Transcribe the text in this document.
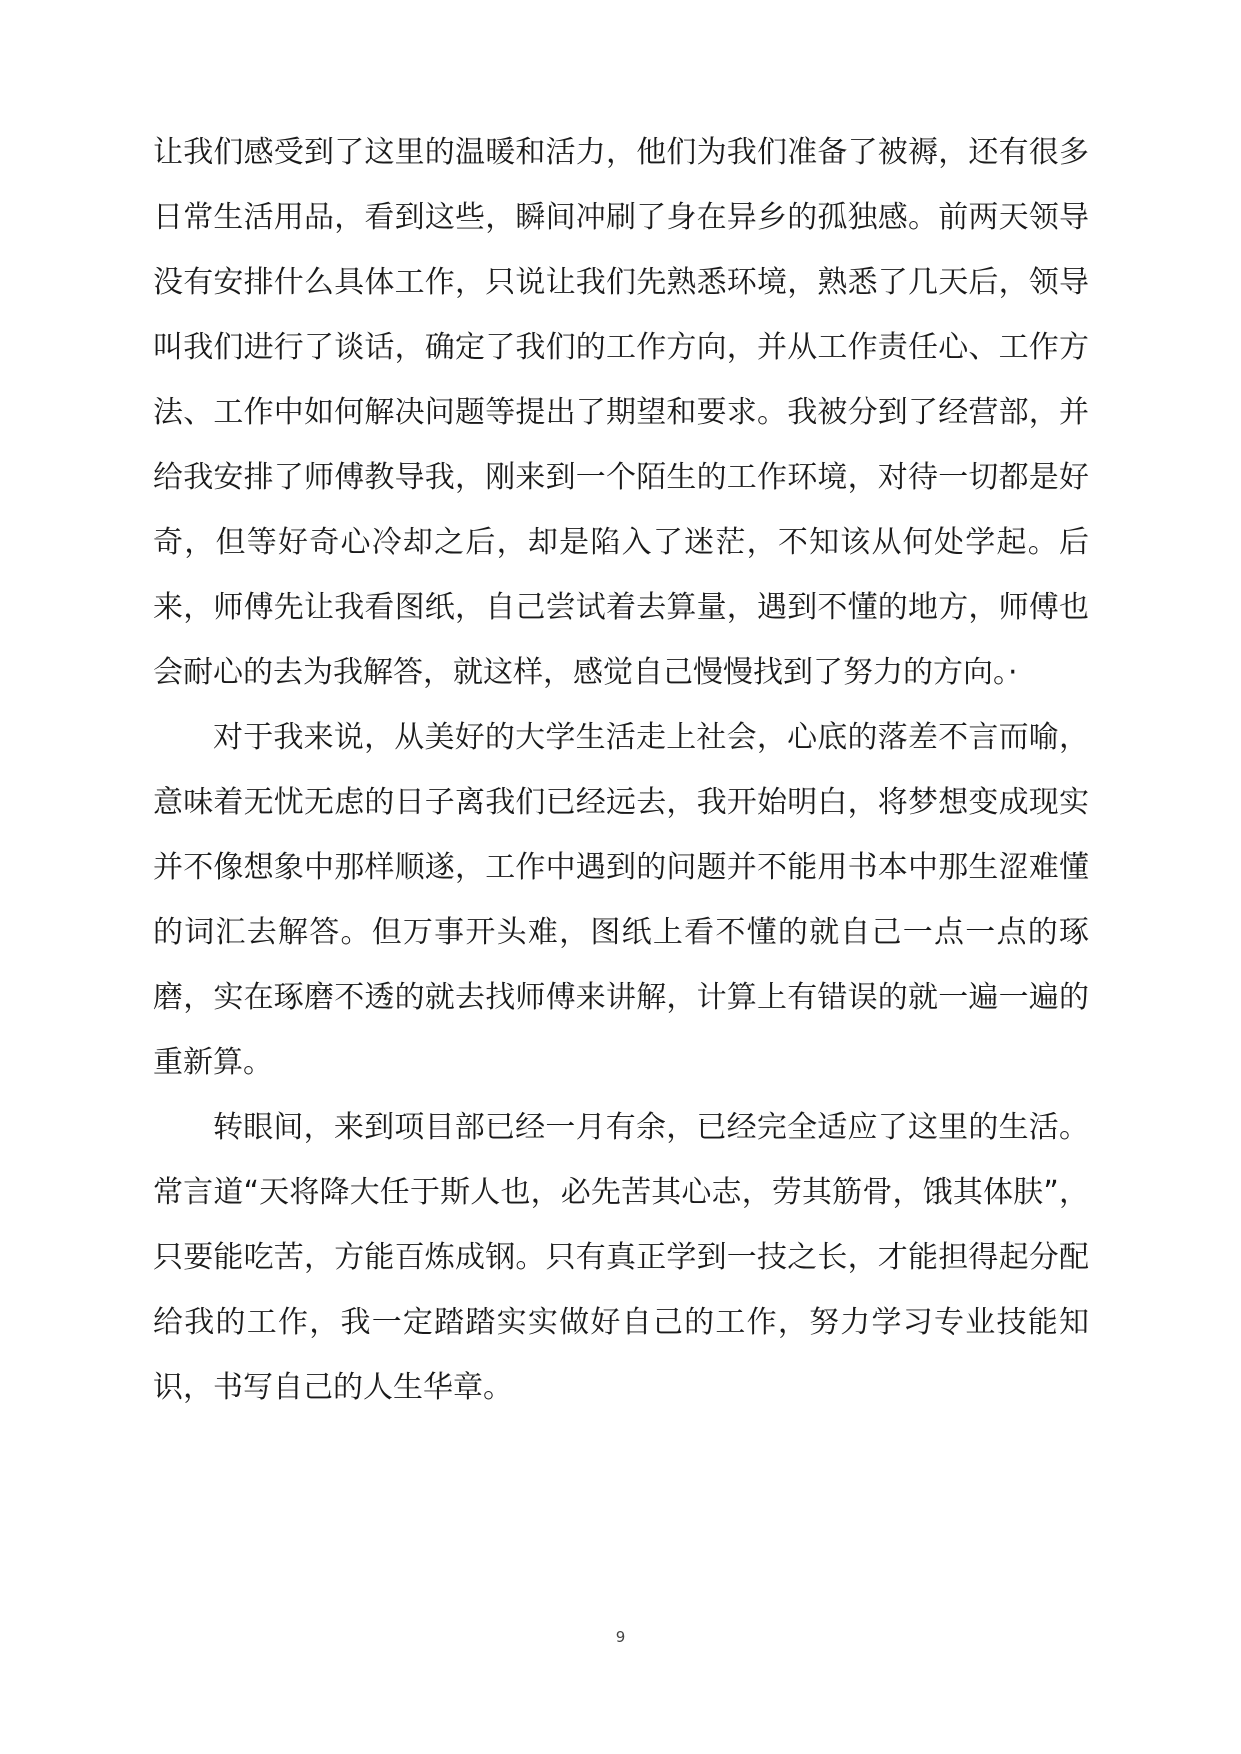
让我们感受到了这里的温暖和活力，他们为我们准备了被褥，还有很多日常生活用品，看到这些，瞬间冲刷了身在异乡的孤独感。前两天领导没有安排什么具体工作，只说让我们先熟悉环境，熟悉了几天后，领导叫我们进行了谈话，确定了我们的工作方向，并从工作责任心、工作方法、工作中如何解决问题等提出了期望和要求。我被分到了经营部，并给我安排了师傅教导我，刚来到一个陌生的工作环境，对待一切都是好奇，但等好奇心冷却之后，却是陷入了迷茫，不知该从何处学起。后来，师傅先让我看图纸，自己尝试着去算量，遇到不懂的地方，师傅也会耐心的去为我解答，就这样，感觉自己慢慢找到了努力的方向。·

对于我来说，从美好的大学生活走上社会，心底的落差不言而喻，意味着无忧无虑的日子离我们已经远去，我开始明白，将梦想变成现实并不像想象中那样顺遂，工作中遇到的问题并不能用书本中那生涩难懂的词汇去解答。但万事开头难，图纸上看不懂的就自己一点一点的琢磨，实在琢磨不透的就去找师傅来讲解，计算上有错误的就一遍一遍的重新算。

转眼间，来到项目部已经一月有余，已经完全适应了这里的生活。常言道“天将降大任于斯人也，必先苦其心志，劳其筋骨，饿其体肤”，只要能吃苦，方能百炼成钢。只有真正学到一技之长，才能担得起分配给我的工作，我一定踏踏实实做好自己的工作，努力学习专业技能知识，书写自己的人生华章。

9
